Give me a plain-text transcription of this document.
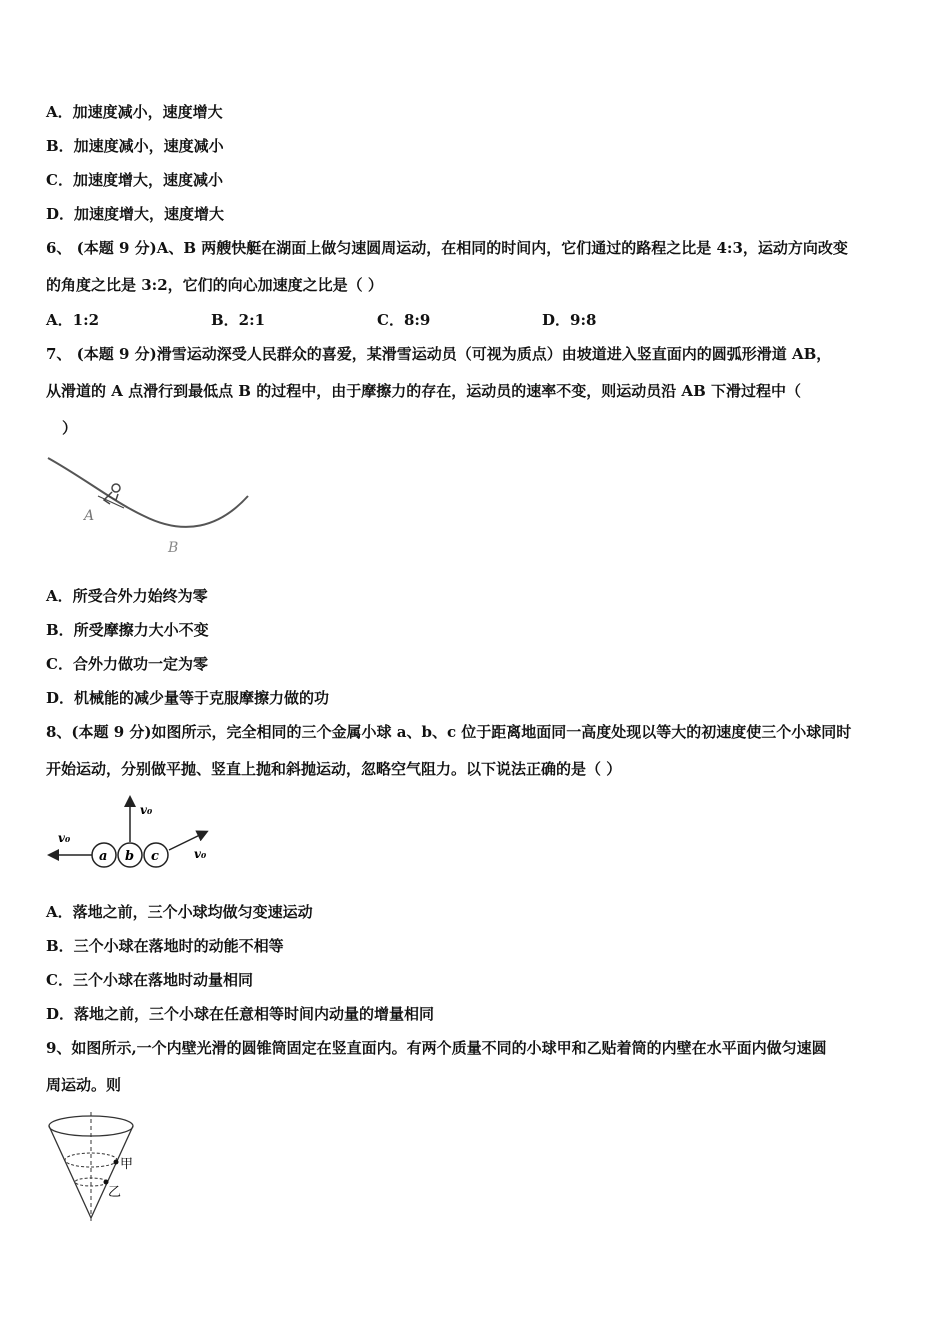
A．加速度减小，速度增大
B．加速度减小，速度减小
C．加速度增大，速度减小
D．加速度增大，速度增大
6、 (本题 9 分)A、B 两艘快艇在湖面上做匀速圆周运动，在相同的时间内，它们通过的路程之比是 4:3，运动方向改变
的角度之比是 3:2，它们的向心加速度之比是（ ）
A．1:2	B．2:1	C．8:9	D．9:8
7、 (本题 9 分)滑雪运动深受人民群众的喜爱，某滑雪运动员（可视为质点）由坡道进入竖直面内的圆弧形滑道 AB，
从滑道的 A 点滑行到最低点 B 的过程中，由于摩擦力的存在，运动员的速率不变，则运动员沿 AB 下滑过程中（
）
A
B
A．所受合外力始终为零
B．所受摩擦力大小不变
C．合外力做功一定为零
D．机械能的减少量等于克服摩擦力做的功
8、(本题 9 分)如图所示，完全相同的三个金属小球 a、b、c 位于距离地面同一高度处现以等大的初速度使三个小球同时
开始运动，分别做平抛、竖直上抛和斜抛运动，忽略空气阻力。以下说法正确的是（ ）
a b c
v₀
v₀
v₀
A．落地之前，三个小球均做匀变速运动
B．三个小球在落地时的动能不相等
C．三个小球在落地时动量相同
D．落地之前，三个小球在任意相等时间内动量的增量相同
9、如图所示,一个内壁光滑的圆锥筒固定在竖直面内。有两个质量不同的小球甲和乙贴着筒的内壁在水平面内做匀速圆
周运动。则
甲
乙
